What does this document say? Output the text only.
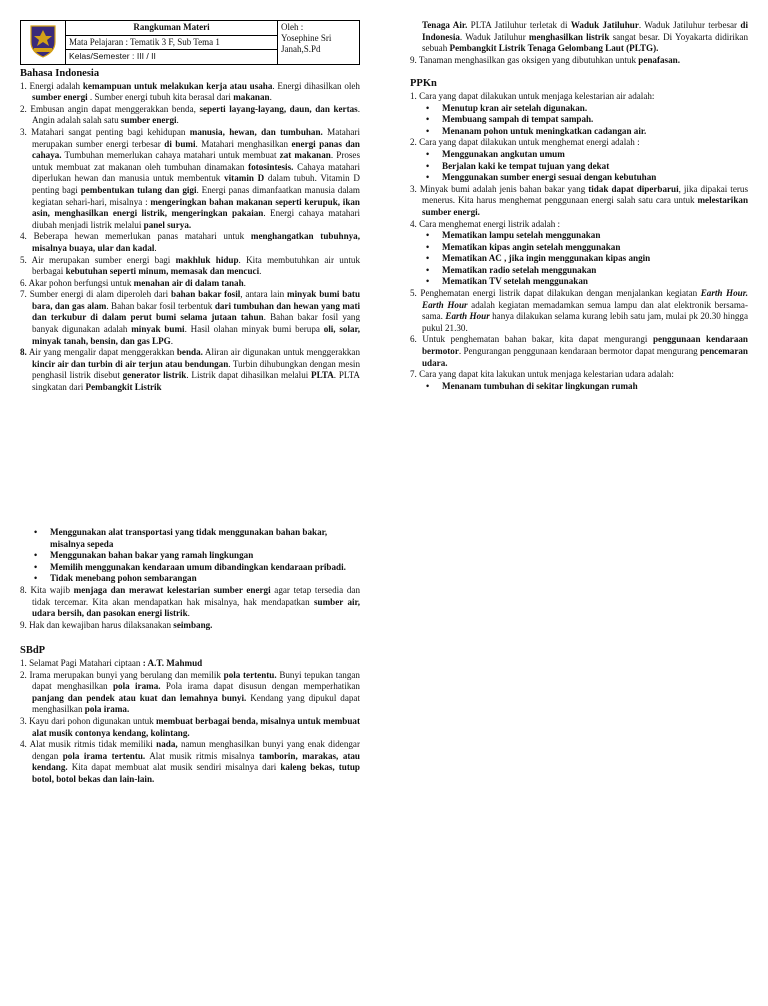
	Rangkuman Materi	Oleh :
Yosephine Sri Janah,S.Pd

Mata Pelajaran : Tematik 3 F, Sub Tema 1
Kelas/Semester : III / II
Bahasa Indonesia

1. Energi adalah kemampuan untuk melakukan kerja atau usaha. Energi dihasilkan oleh sumber energi . Sumber energi tubuh kita berasal dari makanan.

2. Embusan angin dapat menggerakkan benda, seperti layang-layang, daun, dan kertas. Angin adalah salah satu sumber energi.

3. Matahari sangat penting bagi kehidupan manusia, hewan, dan tumbuhan. Matahari merupakan sumber energi terbesar di bumi. Matahari menghasilkan energi panas dan cahaya. Tumbuhan memerlukan cahaya matahari untuk membuat zat makanan. Proses untuk membuat zat makanan oleh tumbuhan dinamakan fotosintesis. Cahaya matahari diperlukan hewan dan manusia untuk membentuk vitamin D dalam tubuh. Vitamin D penting bagi pembentukan tulang dan gigi. Energi panas dimanfaatkan manusia dalam kegiatan sehari-hari, misalnya : mengeringkan bahan makanan seperti kerupuk, ikan asin, menghasilkan energi listrik, mengeringkan pakaian. Energi cahaya matahari diubah menjadi listrik melalui panel surya.

4. Beberapa hewan memerlukan panas matahari untuk menghangatkan tubuhnya, misalnya buaya, ular dan kadal.

5. Air merupakan sumber energi bagi makhluk hidup. Kita membutuhkan air untuk berbagai kebutuhan seperti minum, memasak dan mencuci.

6. Akar pohon berfungsi untuk menahan air di dalam tanah.

7. Sumber energi di alam diperoleh dari bahan bakar fosil, antara lain minyak bumi batu bara, dan gas alam. Bahan bakar fosil terbentuk dari tumbuhan dan hewan yang mati dan terkubur di dalam perut bumi selama jutaan tahun. Bahan bakar fosil yang banyak digunakan adalah minyak bumi. Hasil olahan minyak bumi berupa oli, solar, minyak tanah, bensin, dan gas LPG.

8. Air yang mengalir dapat menggerakkan benda. Aliran air digunakan untuk menggerakkan kincir air dan turbin di air terjun atau bendungan. Turbin dihubungkan dengan mesin penghasil listrik disebut generator listrik. Listrik dapat dihasilkan melalui PLTA. PLTA singkatan dari Pembangkit Listrik

• Menggunakan alat transportasi yang tidak menggunakan bahan bakar, misalnya sepeda
• Menggunakan bahan bakar yang ramah lingkungan
• Memilih menggunakan kendaraan umum dibandingkan kendaraan pribadi.
• Tidak menebang pohon sembarangan

8. Kita wajib menjaga dan merawat kelestarian sumber energi agar tetap tersedia dan tidak tercemar. Kita akan mendapatkan hak misalnya, hak mendapatkan sumber air, udara bersih, dan pasokan energi listrik.

9. Hak dan kewajiban harus dilaksanakan seimbang.

SBdP

1. Selamat Pagi Matahari ciptaan : A.T. Mahmud

2. Irama merupakan bunyi yang berulang dan memilik pola tertentu. Bunyi tepukan tangan dapat menghasilkan pola irama. Pola irama dapat disusun dengan memperhatikan panjang dan pendek atau kuat dan lemahnya bunyi. Kendang yang dipukul dapat menghasilkan pola irama.

3. Kayu dari pohon digunakan untuk membuat berbagai benda, misalnya untuk membuat alat musik contonya kendang, kolintang.

4. Alat musik ritmis tidak memiliki nada, namun menghasilkan bunyi yang enak didengar dengan pola irama tertentu. Alat musik ritmis misalnya tamborin, marakas, atau kendang. Kita dapat membuat alat musik sendiri misalnya dari kaleng bekas, tutup botol, botol bekas dan lain-lain.

Tenaga Air. PLTA Jatiluhur terletak di Waduk Jatiluhur. Waduk Jatiluhur terbesar di Indonesia. Waduk Jatiluhur menghasilkan listrik sangat besar. Di Yoyakarta didirikan sebuah Pembangkit Listrik Tenaga Gelombang Laut (PLTG).

9. Tanaman menghasilkan gas oksigen yang dibutuhkan untuk penafasan.

PPKn

1. Cara yang dapat dilakukan untuk menjaga kelestarian air adalah:

• Menutup kran air setelah digunakan.
• Membuang sampah di tempat sampah.
• Menanam pohon untuk meningkatkan cadangan air.

2. Cara yang dapat dilakukan untuk menghemat energi adalah :

• Menggunakan angkutan umum
• Berjalan kaki ke tempat tujuan yang dekat
• Menggunakan sumber energi sesuai dengan kebutuhan

3. Minyak bumi adalah jenis bahan bakar yang tidak dapat diperbarui, jika dipakai terus menerus. Kita harus menghemat penggunaan energi salah satu cara untuk melestarikan sumber energi.

4. Cara menghemat energi listrik adalah :

• Mematikan lampu setelah menggunakan
• Mematikan kipas angin setelah menggunakan
• Mematikan AC , jika ingin menggunakan kipas angin
• Mematikan radio setelah menggunakan
• Mematikan TV setelah menggunakan

5. Penghematan energi listrik dapat dilakukan dengan menjalankan kegiatan Earth Hour. Earth Hour adalah kegiatan memadamkan semua lampu dan alat elektronik bersama-sama. Earth Hour hanya dilakukan selama kurang lebih satu jam, mulai pk 20.30 hingga pukul 21.30.

6. Untuk penghematan bahan bakar, kita dapat mengurangi penggunaan kendaraan bermotor. Pengurangan penggunaan kendaraan bermotor dapat mengurang pencemaran udara.

7. Cara yang dapat kita lakukan untuk menjaga kelestarian udara adalah:

• Menanam tumbuhan di sekitar lingkungan rumah
